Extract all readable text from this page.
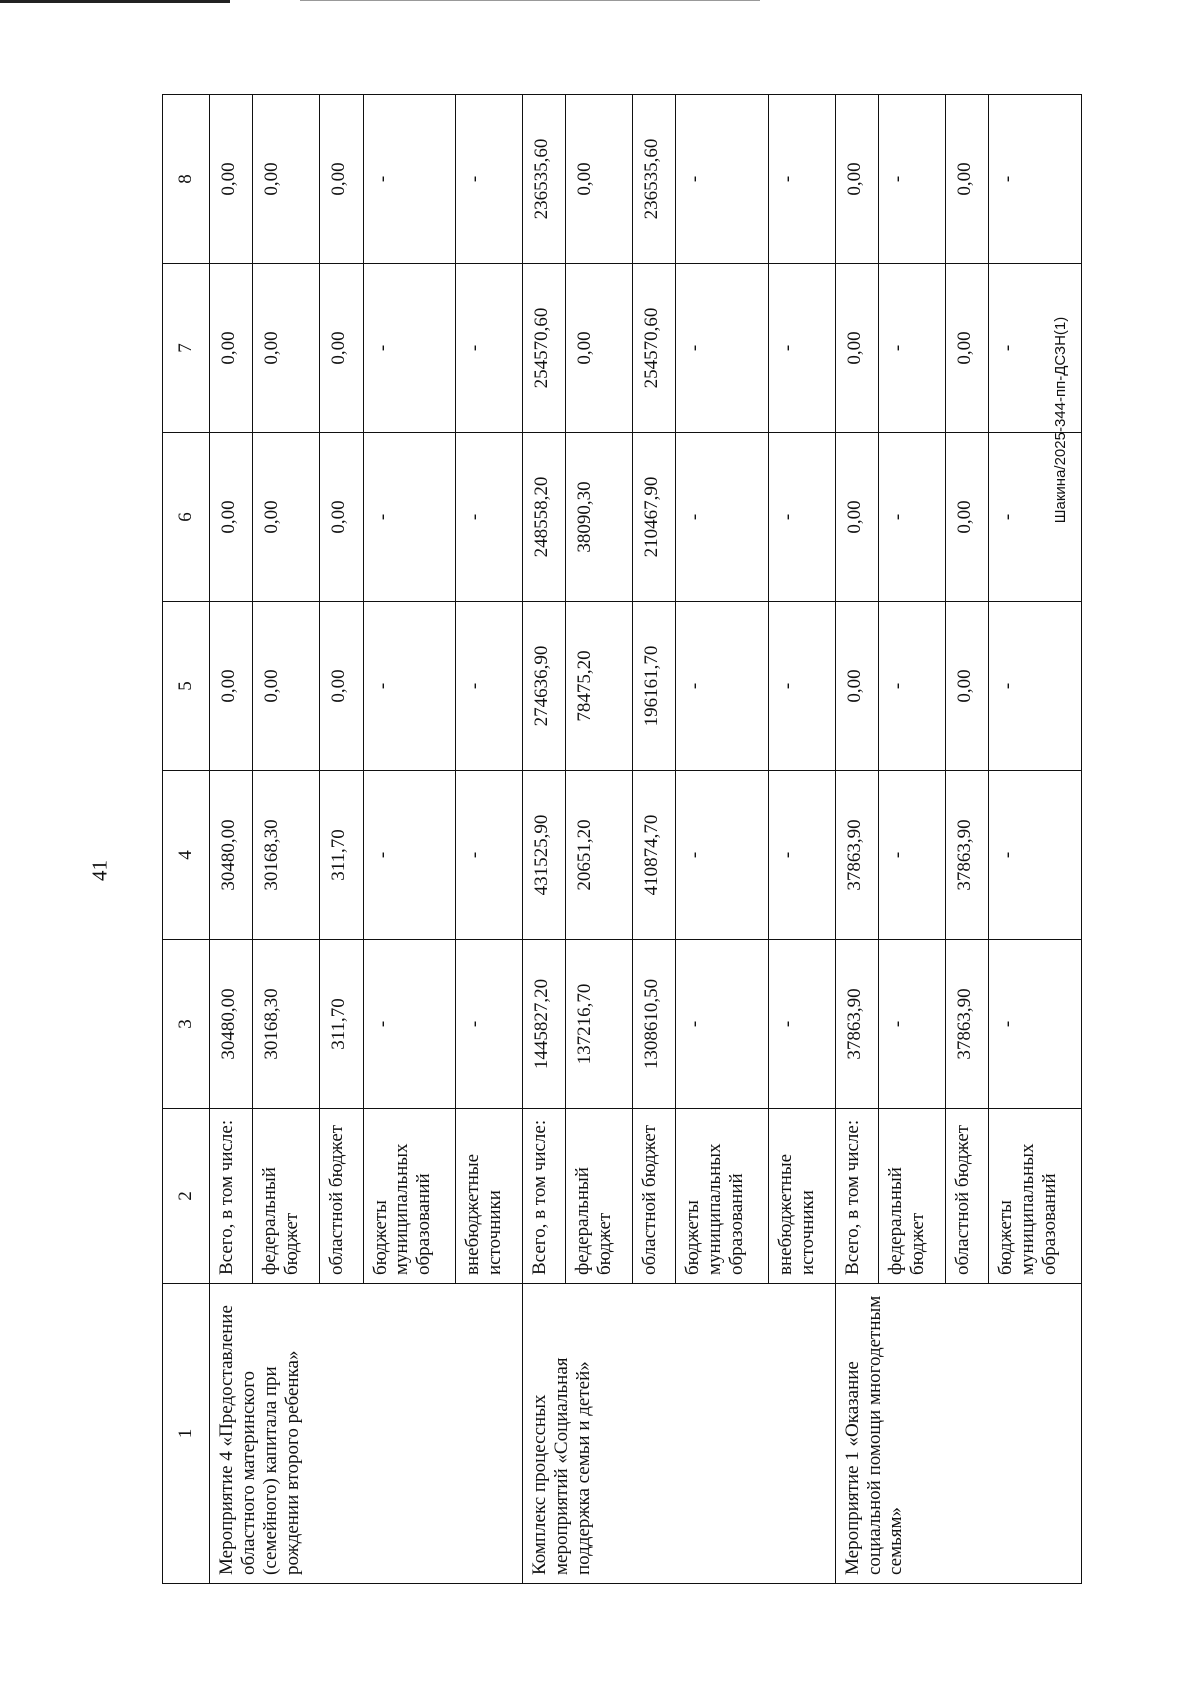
41
Шакина/2025-344-пп-ДСЗН(1)
1	2	3	4	5	6	7	8
Мероприятие 4 «Предоставление областного материнского (семейного) капитала при рождении второго ребенка»	Всего, в том числе:	30480,00	30480,00	0,00	0,00	0,00	0,00
	федеральный бюджет	30168,30	30168,30	0,00	0,00	0,00	0,00
	областной бюджет	311,70	311,70	0,00	0,00	0,00	0,00
	бюджеты муниципальных образований	-	-	-	-	-	-
	внебюджетные источники	-	-	-	-	-	-
Комплекс процессных мероприятий «Социальная поддержка семьи и детей»	Всего, в том числе:	1445827,20	431525,90	274636,90	248558,20	254570,60	236535,60
	федеральный бюджет	137216,70	20651,20	78475,20	38090,30	0,00	0,00
	областной бюджет	1308610,50	410874,70	196161,70	210467,90	254570,60	236535,60
	бюджеты муниципальных образований	-	-	-	-	-	-
	внебюджетные источники	-	-	-	-	-	-
Мероприятие 1 «Оказание социальной помощи многодетным семьям»	Всего, в том числе:	37863,90	37863,90	0,00	0,00	0,00	0,00
	федеральный бюджет	-	-	-	-	-	-
	областной бюджет	37863,90	37863,90	0,00	0,00	0,00	0,00
	бюджеты муниципальных образований	-	-	-	-	-	-
